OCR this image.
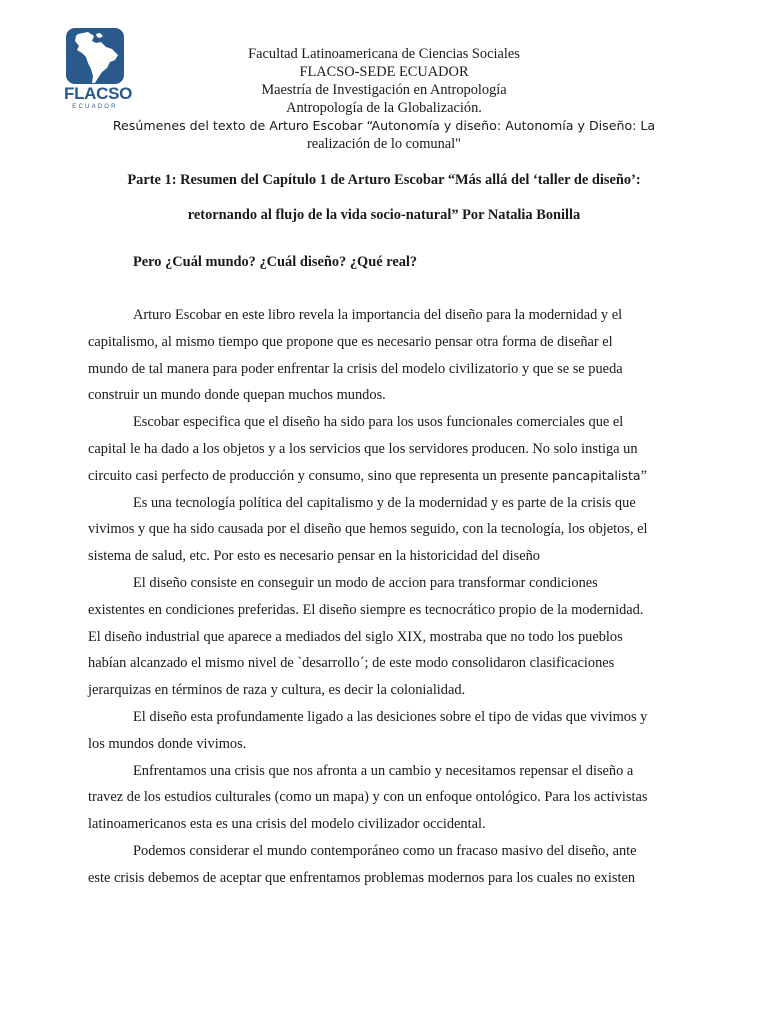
FLACSO
ECUADOR
Facultad Latinoamericana de Ciencias Sociales
FLACSO-SEDE ECUADOR
Maestría de Investigación en Antropología
Antropología de la Globalización.
Resúmenes del texto de Arturo Escobar “Autonomía y diseño: Autonomía y Diseño: La
realización de lo comunal"
Parte 1: Resumen del Capítulo 1 de Arturo Escobar “Más allá del ‘taller de diseño’:
retornando al flujo de la vida socio-natural” Por Natalia Bonilla
Pero ¿Cuál mundo? ¿Cuál diseño? ¿Qué real?

Arturo Escobar en este libro revela la importancia del diseño para la modernidad y el
capitalismo, al mismo tiempo que propone que es necesario pensar otra forma de diseñar el
mundo de tal manera para poder enfrentar la crisis del modelo civilizatorio y que se se pueda
construir un mundo donde quepan muchos mundos.

Escobar especifica que el diseño ha sido para los usos funcionales comerciales que el
capital le ha dado a los objetos y a los servicios que los servidores producen. No solo instiga un
circuito casi perfecto de producción y consumo, sino que representa un presente pancapitalista”

Es una tecnología política del capitalismo y de la modernidad y es parte de la crisis que
vivimos y que ha sido causada por el diseño que hemos seguido, con la tecnología, los objetos, el
sistema de salud, etc. Por esto es necesario pensar en la historicidad del diseño

El diseño consiste en conseguir un modo de accion para transformar condiciones
existentes en condiciones preferidas. El diseño siempre es tecnocrático propio de la modernidad.
El diseño industrial que aparece a mediados del siglo XIX, mostraba que no todo los pueblos
habían alcanzado el mismo nivel de `desarrollo´; de este modo consolidaron clasificaciones
jerarquizas en términos de raza y cultura, es decir la colonialidad.

El diseño esta profundamente ligado a las desiciones sobre el tipo de vidas que vivimos y
los mundos donde vivimos.

Enfrentamos una crisis que nos afronta a un cambio y necesitamos repensar el diseño a
travez de los estudios culturales (como un mapa) y con un enfoque ontológico. Para los activistas
latinoamericanos esta es una crisis del modelo civilizador occidental.

Podemos considerar el mundo contemporáneo como un fracaso masivo del diseño, ante
este crisis debemos de aceptar que enfrentamos problemas modernos para los cuales no existen
